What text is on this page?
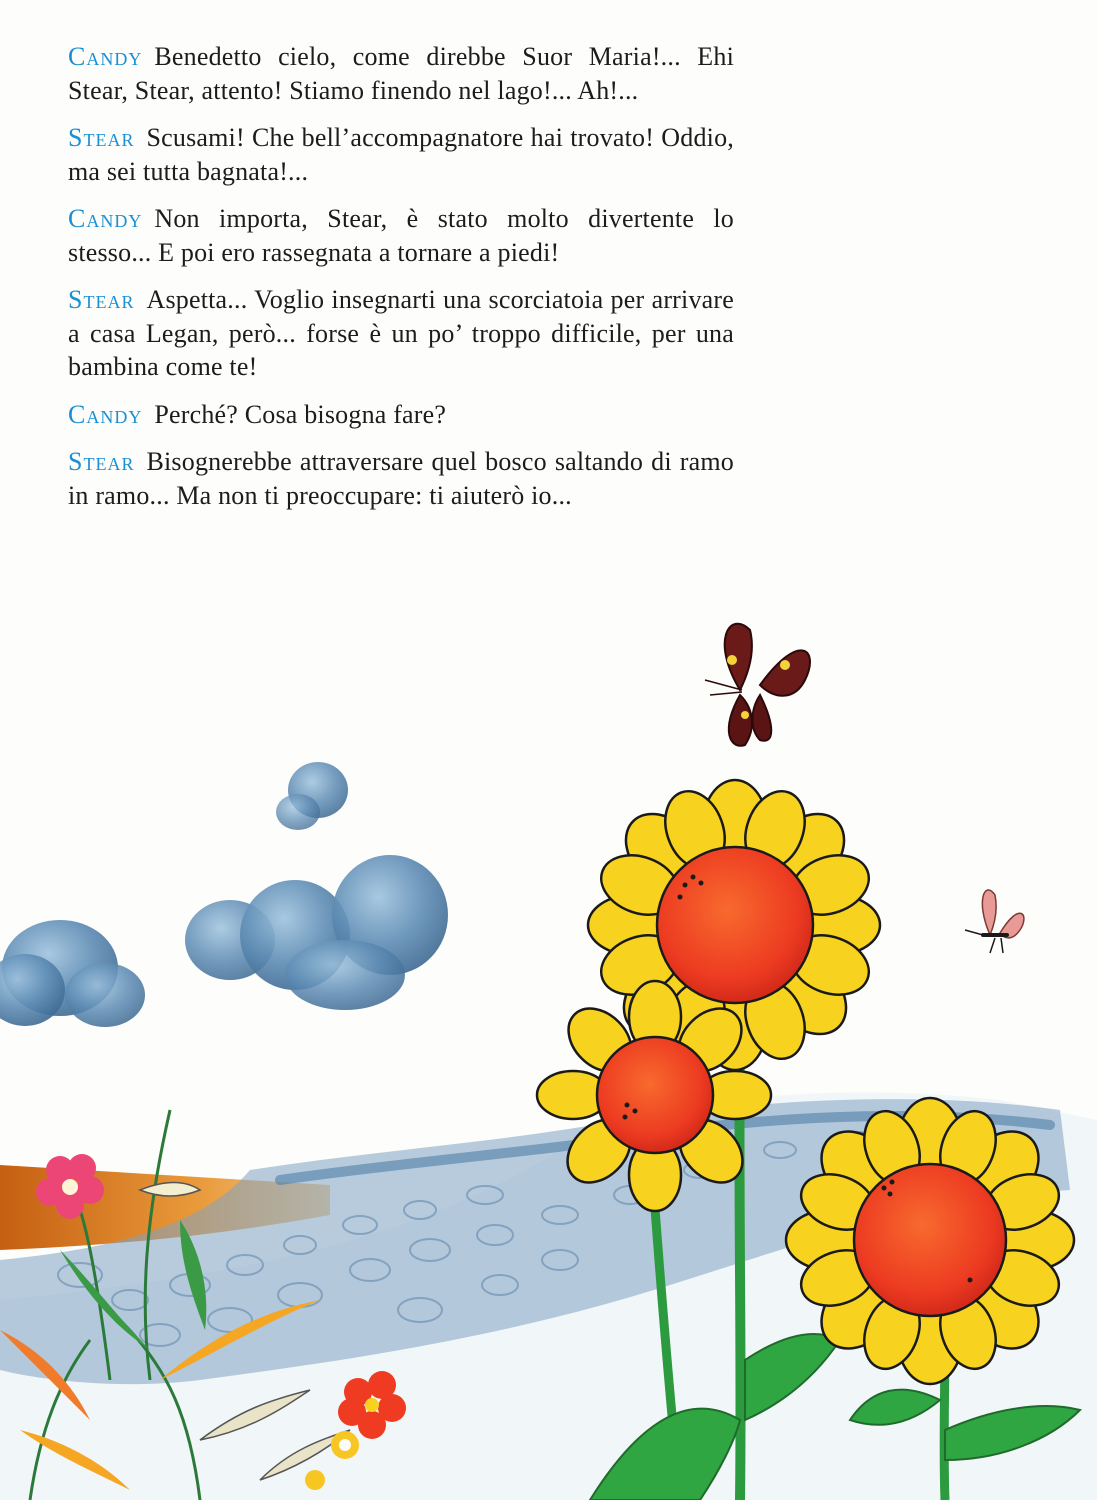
Candy Benedetto cielo, come direbbe Suor Maria!... Ehi Stear, Stear, attento! Stiamo finendo nel lago!... Ah!...

Stear Scusami! Che bell’accompagnatore hai trovato! Oddio, ma sei tutta bagnata!...

Candy Non importa, Stear, è stato molto divertente lo stesso... E poi ero rassegnata a tornare a piedi!

Stear Aspetta... Voglio insegnarti una scorciatoia per arrivare a casa Legan, però... forse è un po’ troppo difficile, per una bambina come te!

Candy Perché? Cosa bisogna fare?

Stear Bisognerebbe attraversare quel bosco saltando di ramo in ramo... Ma non ti preoccupare: ti aiuterò io...
